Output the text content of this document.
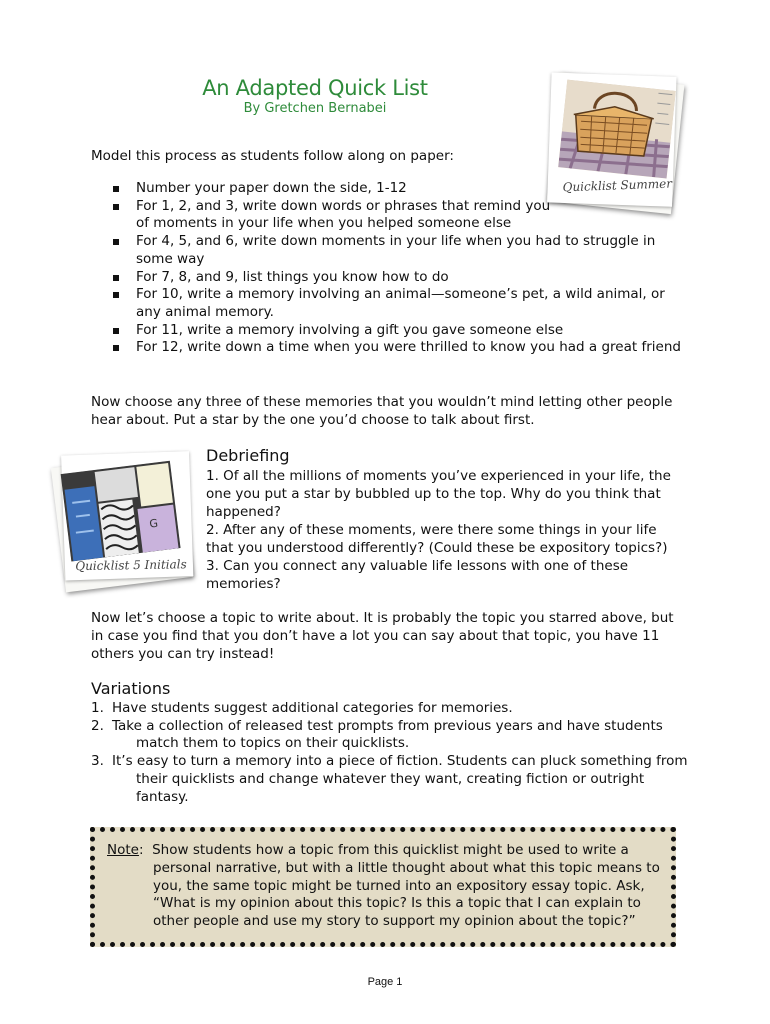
An Adapted Quick List
By Gretchen Bernabei
Quicklist Summer
Model this process as students follow along on paper:
Number your paper down the side, 1-12
For 1, 2, and 3, write down words or phrases that remind you of moments in your life when you helped someone else
For 4, 5, and 6, write down moments in your life when you had to struggle in some way
For 7, 8, and 9, list things you know how to do
For 10, write a memory involving an animal—someone’s pet, a wild animal, or any animal memory.
For 11, write a memory involving a gift you gave someone else
For 12, write down a time when you were thrilled to know you had a great friend

Now choose any three of these memories that you wouldn’t mind letting other people hear about. Put a star by the one you’d choose to talk about first.

G
Quicklist 5 Initials
Debriefing
1. Of all the millions of moments you’ve experienced in your life, the one you put a star by bubbled up to the top. Why do you think that happened?
2. After any of these moments, were there some things in your life that you understood differently? (Could these be expository topics?)
3. Can you connect any valuable life lessons with one of these memories?

Now let’s choose a topic to write about. It is probably the topic you starred above, but in case you find that you don’t have a lot you can say about that topic, you have 11 others you can try instead!

Variations
1. Have students suggest additional categories for memories.
2. Take a collection of released test prompts from previous years and have students
match them to topics on their quicklists.
3. It’s easy to turn a memory into a piece of fiction. Students can pluck something from
their quicklists and change whatever they want, creating fiction or outright fantasy.
Note:  Show students how a topic from this quicklist might be used to write a
personal narrative, but with a little thought about what this topic means to you, the same topic might be turned into an expository essay topic. Ask, “What is my opinion about this topic? Is this a topic that I can explain to other people and use my story to support my opinion about the topic?”
Page 1
